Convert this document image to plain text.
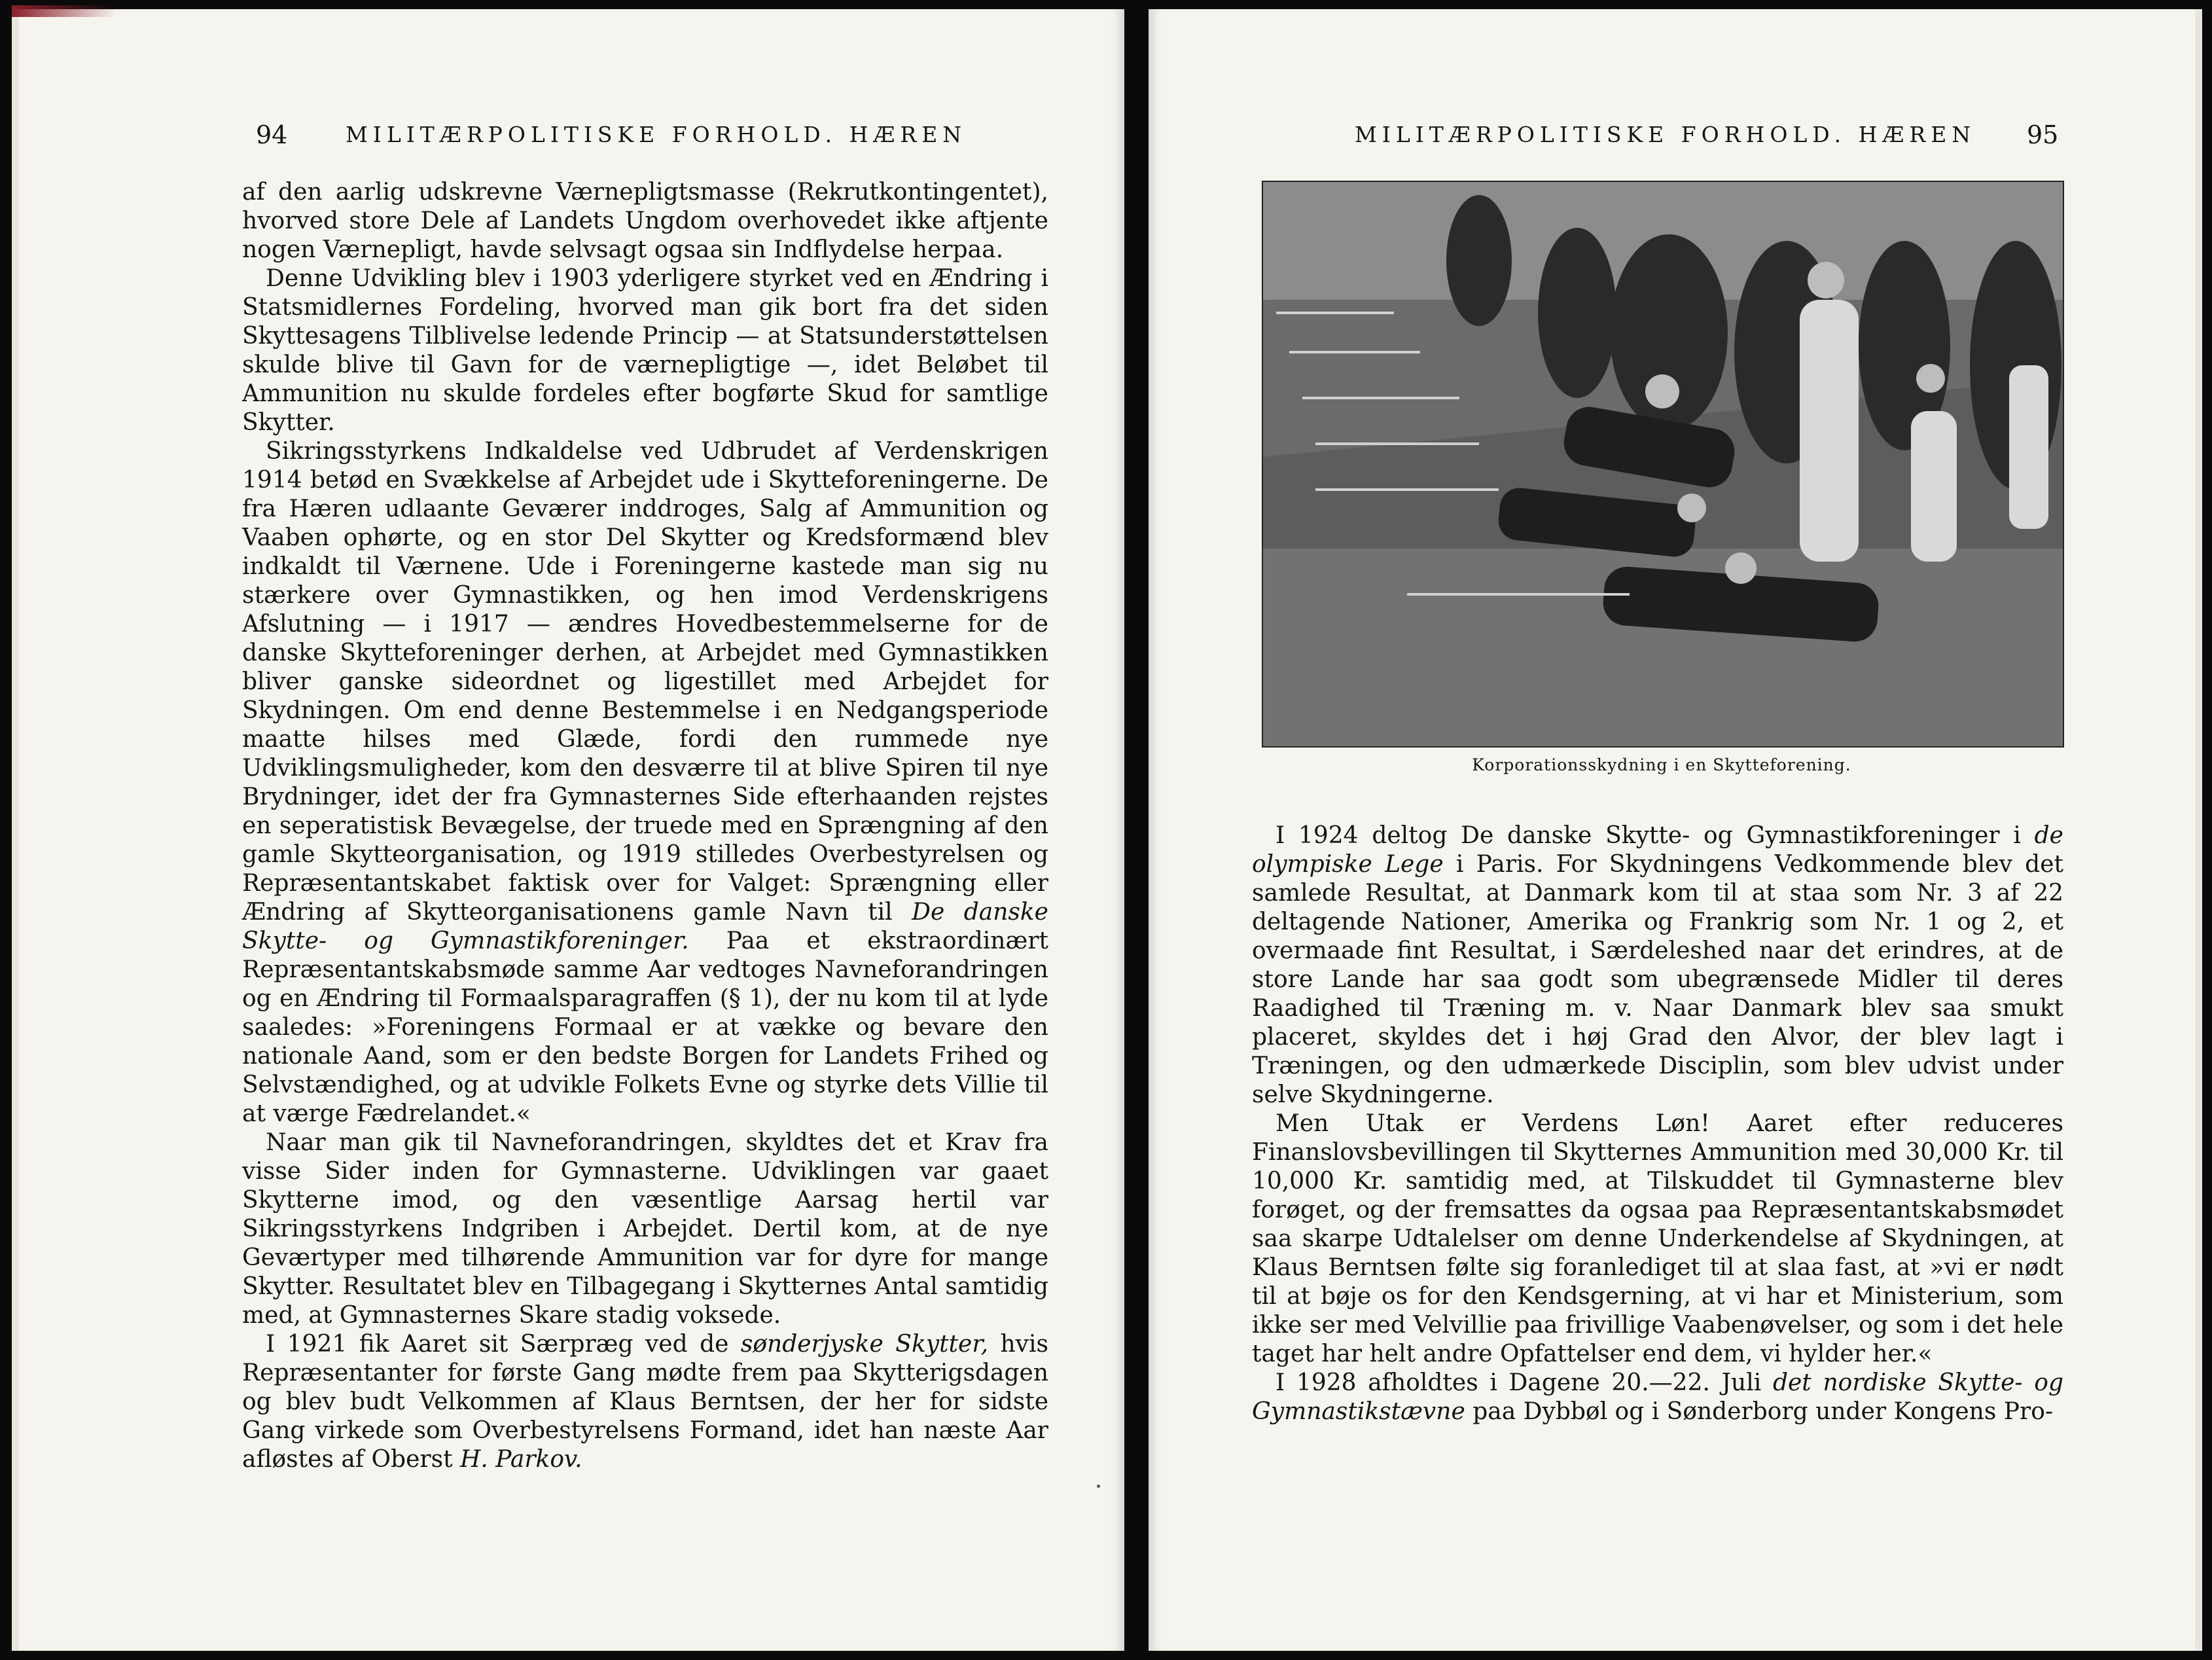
94	MILITÆRPOLITISKE FORHOLD. HÆREN

af den aarlig udskrevne Værnepligtsmasse (Rekrutkontingentet), hvorved store Dele af Landets Ungdom overhovedet ikke aftjente nogen Værnepligt, havde selvsagt ogsaa sin Indflydelse herpaa.

Denne Udvikling blev i 1903 yderligere styrket ved en Ændring i Statsmidlernes Fordeling, hvorved man gik bort fra det siden Skyttesagens Tilblivelse ledende Princip — at Statsunderstøttelsen skulde blive til Gavn for de værnepligtige —, idet Beløbet til Ammunition nu skulde fordeles efter bogførte Skud for samtlige Skytter.

Sikringsstyrkens Indkaldelse ved Udbrudet af Verdenskrigen 1914 betød en Svækkelse af Arbejdet ude i Skytteforeningerne. De fra Hæren udlaante Geværer inddroges, Salg af Ammunition og Vaaben ophørte, og en stor Del Skytter og Kredsformænd blev indkaldt til Værnene. Ude i Foreningerne kastede man sig nu stærkere over Gymnastikken, og hen imod Verdenskrigens Afslutning — i 1917 — ændres Hovedbestemmelserne for de danske Skytteforeninger derhen, at Arbejdet med Gymnastikken bliver ganske sideordnet og ligestillet med Arbejdet for Skydningen. Om end denne Bestemmelse i en Nedgangsperiode maatte hilses med Glæde, fordi den rummede nye Udviklingsmuligheder, kom den desværre til at blive Spiren til nye Brydninger, idet der fra Gymnasternes Side efterhaanden rejstes en seperatistisk Bevægelse, der truede med en Sprængning af den gamle Skytteorganisation, og 1919 stilledes Overbestyrelsen og Repræsentantskabet faktisk over for Valget: Sprængning eller Ændring af Skytteorganisationens gamle Navn til De danske Skytte- og Gymnastikforeninger. Paa et ekstraordinært Repræsentantskabsmøde samme Aar vedtoges Navneforandringen og en Ændring til Formaalsparagraffen (§ 1), der nu kom til at lyde saaledes: »Foreningens Formaal er at vække og bevare den nationale Aand, som er den bedste Borgen for Landets Frihed og Selvstændighed, og at udvikle Folkets Evne og styrke dets Villie til at værge Fædrelandet.«

Naar man gik til Navneforandringen, skyldtes det et Krav fra visse Sider inden for Gymnasterne. Udviklingen var gaaet Skytterne imod, og den væsentlige Aarsag hertil var Sikringsstyrkens Indgriben i Arbejdet. Dertil kom, at de nye Geværtyper med tilhørende Ammunition var for dyre for mange Skytter. Resultatet blev en Tilbagegang i Skytternes Antal samtidig med, at Gymnasternes Skare stadig voksede.

I 1921 fik Aaret sit Særpræg ved de sønderjyske Skytter, hvis Repræsentanter for første Gang mødte frem paa Skytterigsdagen og blev budt Velkommen af Klaus Berntsen, der her for sidste Gang virkede som Overbestyrelsens Formand, idet han næste Aar afløstes af Oberst H. Parkov.

MILITÆRPOLITISKE FORHOLD. HÆREN 95
Korporationsskydning i en Skytteforening.

I 1924 deltog De danske Skytte- og Gymnastikforeninger i de olympiske Lege i Paris. For Skydningens Vedkommende blev det samlede Resultat, at Danmark kom til at staa som Nr. 3 af 22 deltagende Nationer, Amerika og Frankrig som Nr. 1 og 2, et overmaade fint Resultat, i Særdeleshed naar det erindres, at de store Lande har saa godt som ubegrænsede Midler til deres Raadighed til Træning m. v. Naar Danmark blev saa smukt placeret, skyldes det i høj Grad den Alvor, der blev lagt i Træningen, og den udmærkede Disciplin, som blev udvist under selve Skydningerne.

Men Utak er Verdens Løn! Aaret efter reduceres Finanslovsbevillingen til Skytternes Ammunition med 30,000 Kr. til 10,000 Kr. samtidig med, at Tilskuddet til Gymnasterne blev forøget, og der fremsattes da ogsaa paa Repræsentantskabsmødet saa skarpe Udtalelser om denne Underkendelse af Skydningen, at Klaus Berntsen følte sig foranlediget til at slaa fast, at »vi er nødt til at bøje os for den Kendsgerning, at vi har et Ministerium, som ikke ser med Velvillie paa frivillige Vaabenøvelser, og som i det hele taget har helt andre Opfattelser end dem, vi hylder her.«

I 1928 afholdtes i Dagene 20.—22. Juli det nordiske Skytte- og Gymnastikstævne paa Dybbøl og i Sønderborg under Kongens Pro-
